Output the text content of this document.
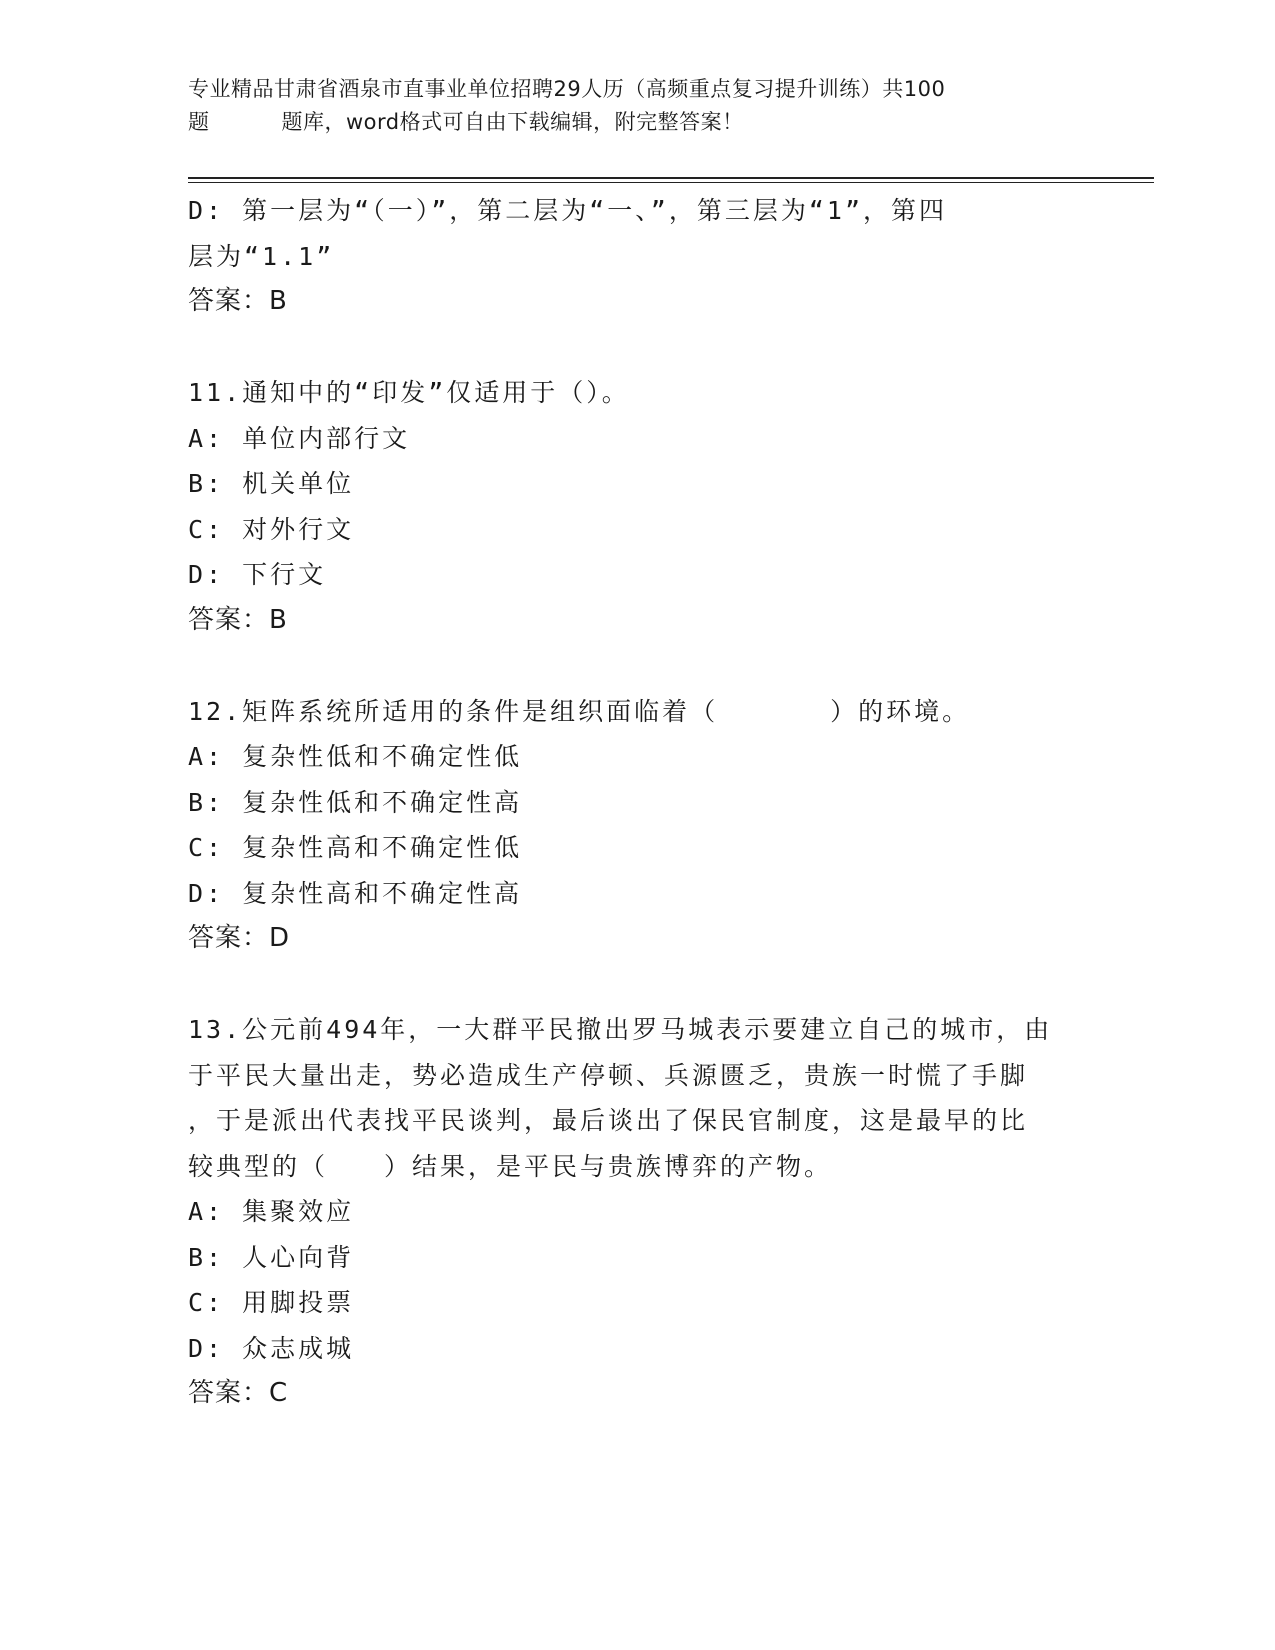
专业精品甘肃省酒泉市直事业单位招聘29人历（高频重点复习提升训练）共100
题	题库，word格式可自由下载编辑，附完整答案！
D: 第一层为“（一）”，第二层为“一、”，第三层为“1”，第四
层为“1.1”
答案：B
11.通知中的“印发”仅适用于（）。
A: 单位内部行文
B: 机关单位
C: 对外行文
D: 下行文
答案：B
12.矩阵系统所适用的条件是组织面临着（　　　　）的环境。
A: 复杂性低和不确定性低
B: 复杂性低和不确定性高
C: 复杂性高和不确定性低
D: 复杂性高和不确定性高
答案：D
13.公元前494年，一大群平民撤出罗马城表示要建立自己的城市，由
于平民大量出走，势必造成生产停顿、兵源匮乏，贵族一时慌了手脚
，于是派出代表找平民谈判，最后谈出了保民官制度，这是最早的比
较典型的（　　）结果，是平民与贵族博弈的产物。
A: 集聚效应
B: 人心向背
C: 用脚投票
D: 众志成城
答案：C
